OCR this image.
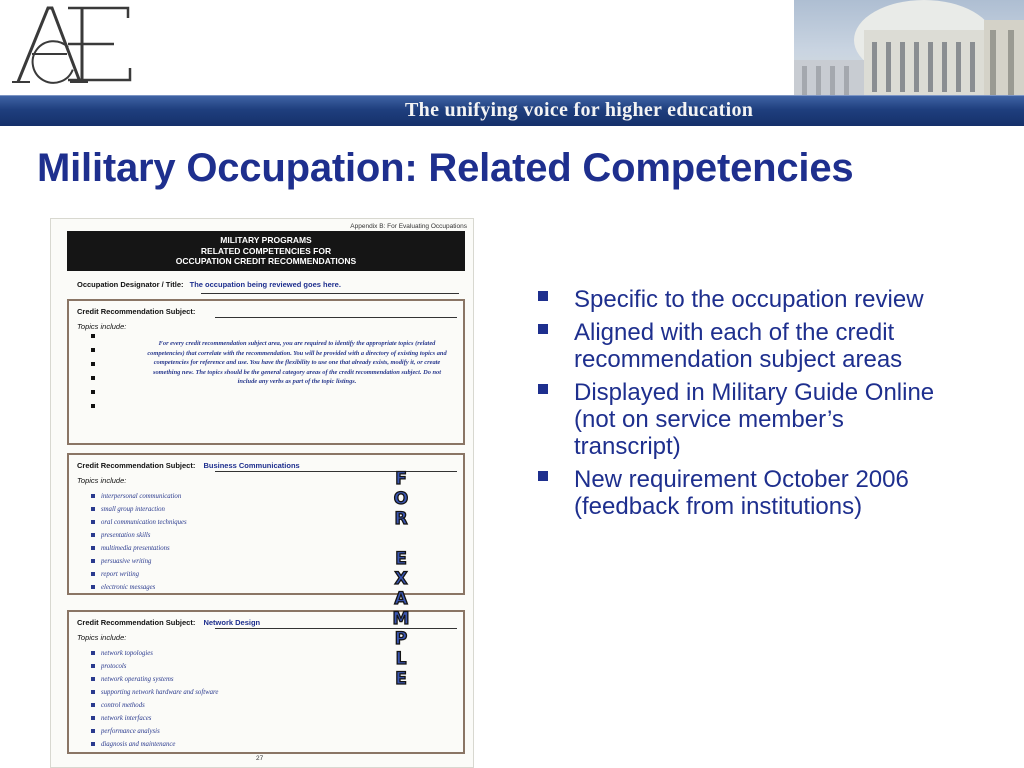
The unifying voice for higher education
Military Occupation: Related Competencies
Appendix B: For Evaluating Occupations
MILITARY PROGRAMS
RELATED COMPETENCIES FOR
OCCUPATION CREDIT RECOMMENDATIONS
Occupation Designator / Title: The occupation being reviewed goes here.
Credit Recommendation Subject:
Topics include:
For every credit recommendation subject area, you are required to identify the appropriate topics (related competencies) that correlate with the recommendation. You will be provided with a directory of existing topics and competencies for reference and use. You have the flexibility to use one that already exists, modify it, or create something new. The topics should be the general category areas of the credit recommendation subject. Do not include any verbs as part of the topic listings.
Credit Recommendation Subject: Business Communications
Topics include:
interpersonal communication
small group interaction
oral communication techniques
presentation skills
multimedia presentations
persuasive writing
report writing
electronic messages
Credit Recommendation Subject: Network Design
Topics include:
network topologies
protocols
network operating systems
supporting network hardware and software
control methods
network interfaces
performance analysis
diagnosis and maintenance
27
F
O
R

E
X
A
M
P
L
E
Specific to the occupation review
Aligned with each of the credit recommendation subject areas
Displayed in Military Guide Online (not on service member’s transcript)
New requirement October 2006 (feedback from institutions)
